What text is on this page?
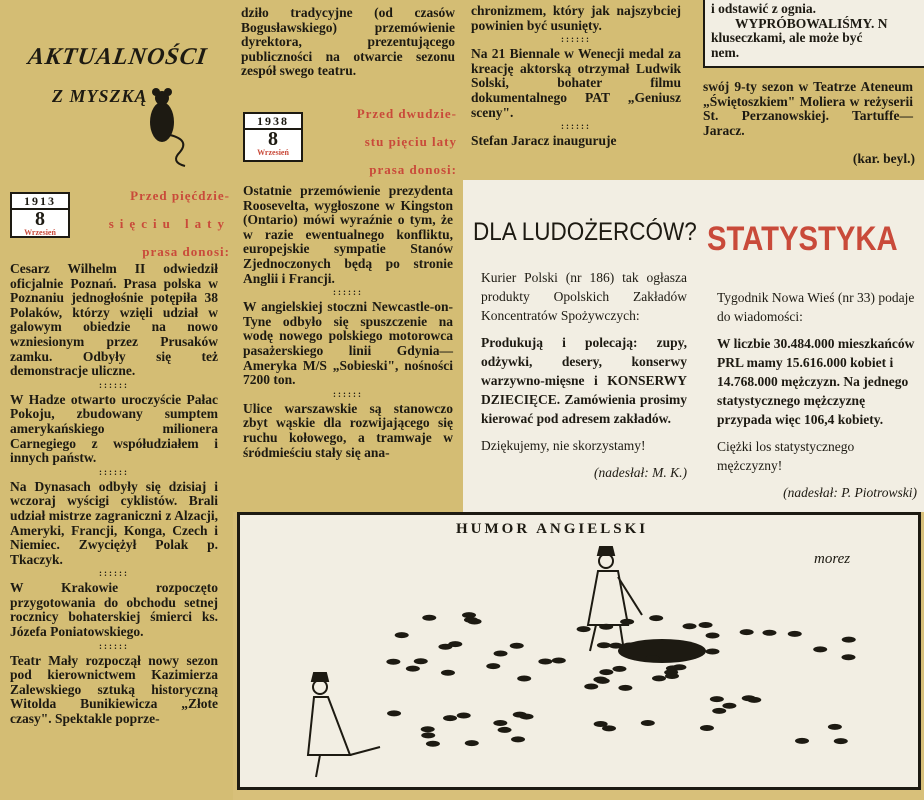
AKTUALNOŚCI
Z MYSZKĄ
1913
8
Wrzesień
Przed pięćdzie-
sięciu laty
prasa donosi:

Cesarz Wilhelm II odwiedził oficjalnie Poznań. Prasa polska w Poznaniu jednogłośnie potępiła 38 Polaków, którzy wzięli udział w galowym obiedzie na nowo wzniesionym przez Prusaków zamku. Odbyły się też demonstracje uliczne.

::::::

W Hadze otwarto uroczyście Pałac Pokoju, zbudowany sumptem amerykańskiego milionera Carnegiego z współudziałem i innych państw.

::::::

Na Dynasach odbyły się dzisiaj i wczoraj wyścigi cyklistów. Brali udział mistrze zagraniczni z Alzacji, Ameryki, Francji, Konga, Czech i Niemiec. Zwyciężył Polak p. Tkaczyk.

::::::

W Krakowie rozpoczęto przygotowania do obchodu setnej rocznicy bohaterskiej śmierci ks. Józefa Poniatowskiego.

::::::

Teatr Mały rozpoczął nowy sezon pod kierownictwem Kazimierza Zalewskiego sztuką historyczną Witolda Bunikiewicza „Złote czasy". Spektakle poprze-

dziło tradycyjne (od czasów Bogusławskiego) przemówienie dyrektora, prezentującego publiczności na otwarcie sezonu zespół swego teatru.
1938
8
Wrzesień
Przed dwudzie-
stu pięciu laty
prasa donosi:

Ostatnie przemówienie prezydenta Roosevelta, wygłoszone w Kingston (Ontario) mówi wyraźnie o tym, że w razie ewentualnego konfliktu, europejskie sympatie Stanów Zjednoczonych będą po stronie Anglii i Francji.

::::::

W angielskiej stoczni Newcastle-on-Tyne odbyło się spuszczenie na wodę nowego polskiego motorowca pasażerskiego linii Gdynia—Ameryka M/S „Sobieski", nośności 7200 ton.

::::::

Ulice warszawskie są stanowczo zbyt wąskie dla rozwijającego się ruchu kołowego, a tramwaje w śródmieściu stały się ana-

chronizmem, który jak najszybciej powinien być usunięty.

::::::

Na 21 Biennale w Wenecji medal za kreację aktorską otrzymał Ludwik Solski, bohater filmu dokumentalnego PAT „Geniusz sceny".

::::::

Stefan Jaracz inauguruje

i odstawić z ognia.
WYPRÓBOWALIŚMY. N
kluseczkami, ale może być
nem.
swój 9-ty sezon w Teatrze Ateneum „Świętoszkiem" Moliera w reżyserii St. Perzanowskiej. Tartuffe— Jaracz.
(kar. beyl.)
DLA LUDOŻERCÓW?

Kurier Polski (nr 186) tak ogłasza produkty Opolskich Zakładów Koncentratów Spożywczych:

Produkują i polecają: zupy, odżywki, desery, konserwy warzywno-mięsne i KONSERWY DZIECIĘCE. Zamówienia prosimy kierować pod adresem zakładów.

Dziękujemy, nie skorzystamy!

(nadesłał: M. K.)

STATYSTYKA

Tygodnik Nowa Wieś (nr 33) podaje do wiadomości:

W liczbie 30.484.000 mieszkańców PRL mamy 15.616.000 kobiet i 14.768.000 mężczyzn. Na jednego statystycznego mężczyznę przypada więc 106,4 kobiety.

Ciężki los statystycznego mężczyzny!

(nadesłał: P. Piotrowski)

HUMOR ANGIELSKI
morez
